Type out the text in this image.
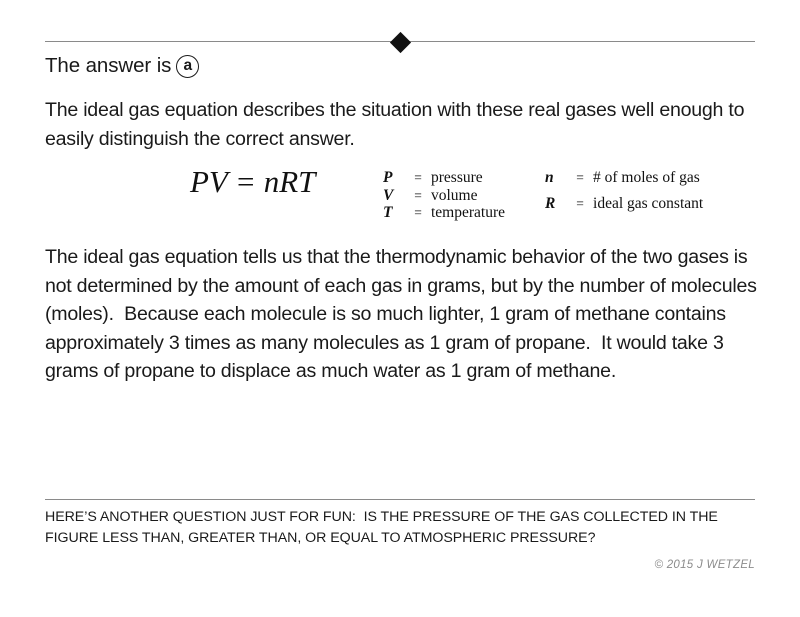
The answer is a
The ideal gas equation describes the situation with these real gases well enough to easily distinguish the correct answer.
PV = nRT	P	=	pressure
V	=	volume
T	=	temperature
n	=	# of moles of gas
R	=	ideal gas constant
The ideal gas equation tells us that the thermodynamic behavior of the two gases is not determined by the amount of each gas in grams, but by the number of molecules (moles).  Because each molecule is so much lighter, 1 gram of methane contains approximately 3 times as many molecules as 1 gram of propane.  It would take 3 grams of propane to displace as much water as 1 gram of methane.
HERE’S ANOTHER QUESTION JUST FOR FUN:  IS THE PRESSURE OF THE GAS COLLECTED IN THE FIGURE LESS THAN, GREATER THAN, OR EQUAL TO ATMOSPHERIC PRESSURE?
© 2015 J WETZEL
